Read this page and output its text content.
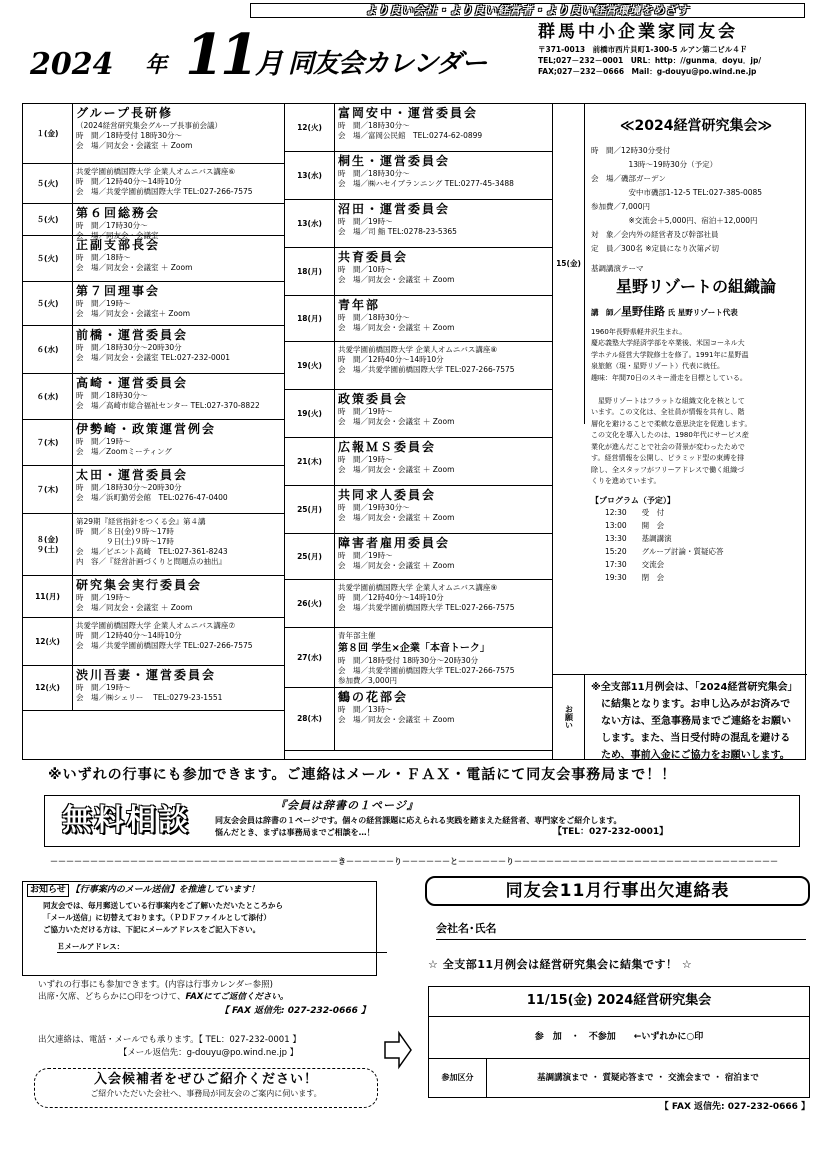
より良い会社・より良い経営者・より良い経営環境をめざす
2024 年 11 月 同友会カレンダー
群馬中小企業家同友会
〒371-0013　前橋市西片貝町1-300-5 ルアン第二ビル４Ｆ
TEL;027－232－0001　URL：http：//gunma．doyu．jp/
FAX;027－232－0666　Mail：g-douyu@po.wind.ne.jp
１(金)
グループ長研修
（2024経営研究集会グループ長事前会議）
時　間／18時受付 18時30分～
会　場／同友会・会議室 ＋ Zoom
５(火)
共愛学園前橋国際大学 企業人オムニバス講座⑥
時　間／12時40分～14時10分
会　場／共愛学園前橋国際大学 TEL:027-266-7575
５(火)	第６回総務会
時　間／17時30分～
会　場／同友会・会議室
５(火)
正副支部長会
時　間／18時～
会　場／同友会・会議室 ＋ Zoom
５(火)
第７回理事会
時　間／19時～
会　場／同友会・会議室＋ Zoom
６(水)
前橋・運営委員会
時　間／18時30分～20時30分
会　場／同友会・会議室 TEL:027-232-0001
６(水)
高崎・運営委員会
時　間／18時30分～
会　場／高崎市総合福祉センター TEL:027-370-8822
７(木)
伊勢崎・政策運営例会
時　間／19時～
会　場／Zoomミーティング
７(木)
太田・運営委員会
時　間／18時30分～20時30分
会　場／浜町勤労会館　TEL:0276-47-0400
８(金)
９(土)
第29期『経営指針をつくる会』第４講
時　間／８日(金)９時～17時
　　　　９日(土)９時～17時
会　場／ビエント高崎　TEL:027-361-8243
内　容／『経営計画づくりと問題点の抽出』
11(月)
研究集会実行委員会
時　間／19時～
会　場／同友会・会議室 ＋ Zoom
12(火)
共愛学園前橋国際大学 企業人オムニバス講座⑦
時　間／12時40分～14時10分
会　場／共愛学園前橋国際大学 TEL:027-266-7575
12(火)
渋川吾妻・運営委員会
時　間／19時～
会　場／㈱シェリー　 TEL:0279-23-1551
12(火)
富岡安中・運営委員会
時　間／18時30分～
会　場／富岡公民館　TEL:0274-62-0899
13(水)
桐生・運営委員会
時　間／18時30分～
会　場／㈱ハセイブランニング TEL:0277-45-3488
13(水)
沼田・運営委員会
時　間／19時～
会　場／司 鮨 TEL:0278-23-5365
18(月)
共育委員会
時　間／10時～
会　場／同友会・会議室 ＋ Zoom
18(月)
青年部
時　間／18時30分～
会　場／同友会・会議室 ＋ Zoom
19(火)
共愛学園前橋国際大学 企業人オムニバス講座⑧
時　間／12時40分～14時10分
会　場／共愛学園前橋国際大学 TEL:027-266-7575
19(火)
政策委員会
時　間／19時～
会　場／同友会・会議室 ＋ Zoom
21(木)
広報ＭＳ委員会
時　間／19時～
会　場／同友会・会議室 ＋ Zoom
25(月)
共同求人委員会
時　間／19時30分～
会　場／同友会・会議室 ＋ Zoom
25(月)
障害者雇用委員会
時　間／19時～
会　場／同友会・会議室 ＋ Zoom
26(火)
共愛学園前橋国際大学 企業人オムニバス講座⑨
時　間／12時40分～14時10分
会　場／共愛学園前橋国際大学 TEL:027-266-7575
27(水)
青年部主催
第８回 学生×企業「本音トーク」
時　間／18時受付 18時30分～20時30分
会　場／共愛学園前橋国際大学 TEL:027-266-7575
参加費／3,000円
28(木)
鶴の花部会
時　間／13時～
会　場／同友会・会議室 ＋ Zoom
15(金)
≪2024経営研究集会≫
時　間／12時30分受付
　　　　　13時～19時30分（予定）
会　場／磯部ガーデン
　　　　　安中市磯部1-12-5 TEL:027-385-0085
参加費／7,000円
　　　　　※交流会＋5,000円、宿泊＋12,000円
対　象／会内外の経営者及び幹部社員
定　員／300名 ※定員になり次第〆切
基調講演テーマ
星野リゾートの組織論
講　師／星野佳路 氏 星野リゾート代表
1960年長野県軽井沢生まれ。
慶応義塾大学経済学部を卒業後、米国コーネル大
学ホテル経営大学院修士を修了。1991年に星野温
泉旅館（現・星野リゾート）代表に就任。
趣味：年間70日のスキー滑走を目標としている。

　星野リゾートはフラットな組織文化を核として
います。この文化は、全社員が情報を共有し、階
層化を避けることで柔軟な意思決定を促進します。
この文化を導入したのは、1980年代にサービス産
業化が進んだことで社会の背景が変わったためで
す。経営情報を公開し、ピラミッド型の束縛を排
除し、全スタッフがフリーアドレスで働く組織づ
くりを進めています。
【プログラム（予定）】
12:30　　受　付
13:00　　開　会
13:30　　基調講演
15:20　　グループ討論・質疑応答
17:30　　交流会
19:30　　閉　会
お願い
※全支部11月例会は、「2024経営研究集会」
　に結集となります。お申し込みがお済みで
　ない方は、至急事務局までご連絡をお願い
　します。また、当日受付時の混乱を避ける
　ため、事前入金にご協力をお願いします。
※いずれの行事にも参加できます。ご連絡はメール・ＦＡＸ・電話にて同友会事務局まで！！
無料相談	『会員は辞書の１ページ』
同友会会員は辞書の１ページです。個々の経営課題に応えられる実践を踏まえた経営者、専門家をご紹介します。
悩んだとき、まずは事務局までご相談を…！	【TEL：027-232-0001】
－－－－－－－－－－－－－－－－－－－－－－－－－－－－－－－－－－－－き－－－－－－り－－－－－－と－－－－－－り－－－－－－－－－－－－－－－－－－－－－－－－－－－－－－－－－
お知らせ 【行事案内のメール送信】を推進しています！
同友会では、毎月郵送している行事案内をご了解いただいたところから
「メール送信」に切替えております。（ＰＤＦファイルとして添付）
ご協力いただける方は、下記にメールアドレスをご記入下さい。
Ｅメールアドレス：
いずれの行事にも参加できます。(内容は行事カレンダー参照)
出席･欠席、どちらかに○印をつけて、FAXにてご返信ください。
【 FAX 返信先: 027-232-0666 】
出欠連絡は、電話・メールでも承ります。【 TEL：027-232-0001 】
　　　　　　　　　　【メール返信先：g-douyu@po.wind.ne.jp 】
入会候補者をぜひご紹介ください！
ご紹介いただいた会社へ、事務局が同友会のご案内に伺います。
同友会11月行事出欠連絡表
会社名･氏名
☆ 全支部11月例会は経営研究集会に結集です！ ☆
11/15(金) 2024経営研究集会
参　加　・　不参加　　←いずれかに○印
参加区分	基調講演まで ・ 質疑応答まで ・ 交流会まで ・ 宿泊まで
【 FAX 返信先: 027-232-0666 】
